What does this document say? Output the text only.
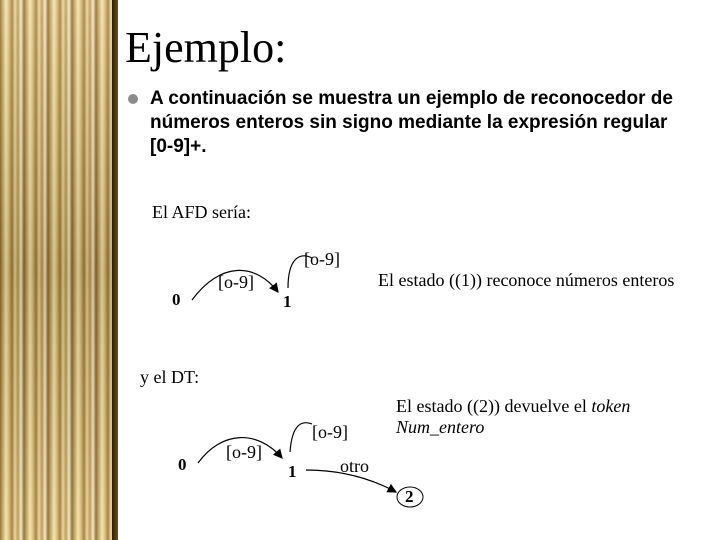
Ejemplo:
A continuación se muestra un ejemplo de reconocedor de números enteros sin signo mediante la expresión regular [0-9]+.
El AFD sería:
0	1
[o-9]
[o-9]
El estado ((1)) reconoce números enteros
y el DT:
0	1
2
[o-9]
[o-9]
otro
El estado ((2)) devuelve el token
Num_entero
